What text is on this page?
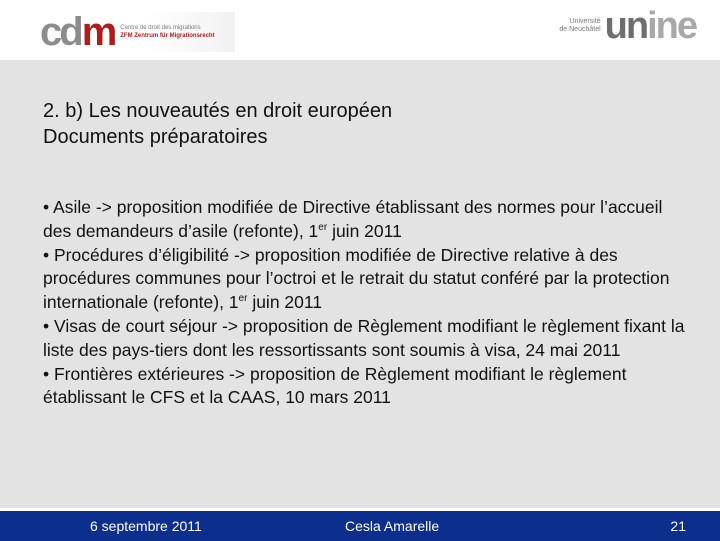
cd m Centre de droit des migrations
ZFM Zentrum für Migrationsrecht
Université
de Neuchâtel un ine
2. b) Les nouveautés en droit européen
Documents préparatoires

• Asile -> proposition modifiée de Directive établissant des normes pour l’accueil des demandeurs d’asile (refonte), 1er juin 2011

• Procédures d’éligibilité -> proposition modifiée de Directive relative à des procédures communes pour l’octroi et le retrait du statut conféré par la protection internationale (refonte), 1er juin 2011

• Visas de court séjour -> proposition de Règlement modifiant le règlement fixant la liste des pays-tiers dont les ressortissants sont soumis à visa, 24 mai 2011

• Frontières extérieures -> proposition de Règlement modifiant le règlement établissant le CFS et la CAAS, 10 mars 2011

6 septembre 2011	Cesla Amarelle	21
